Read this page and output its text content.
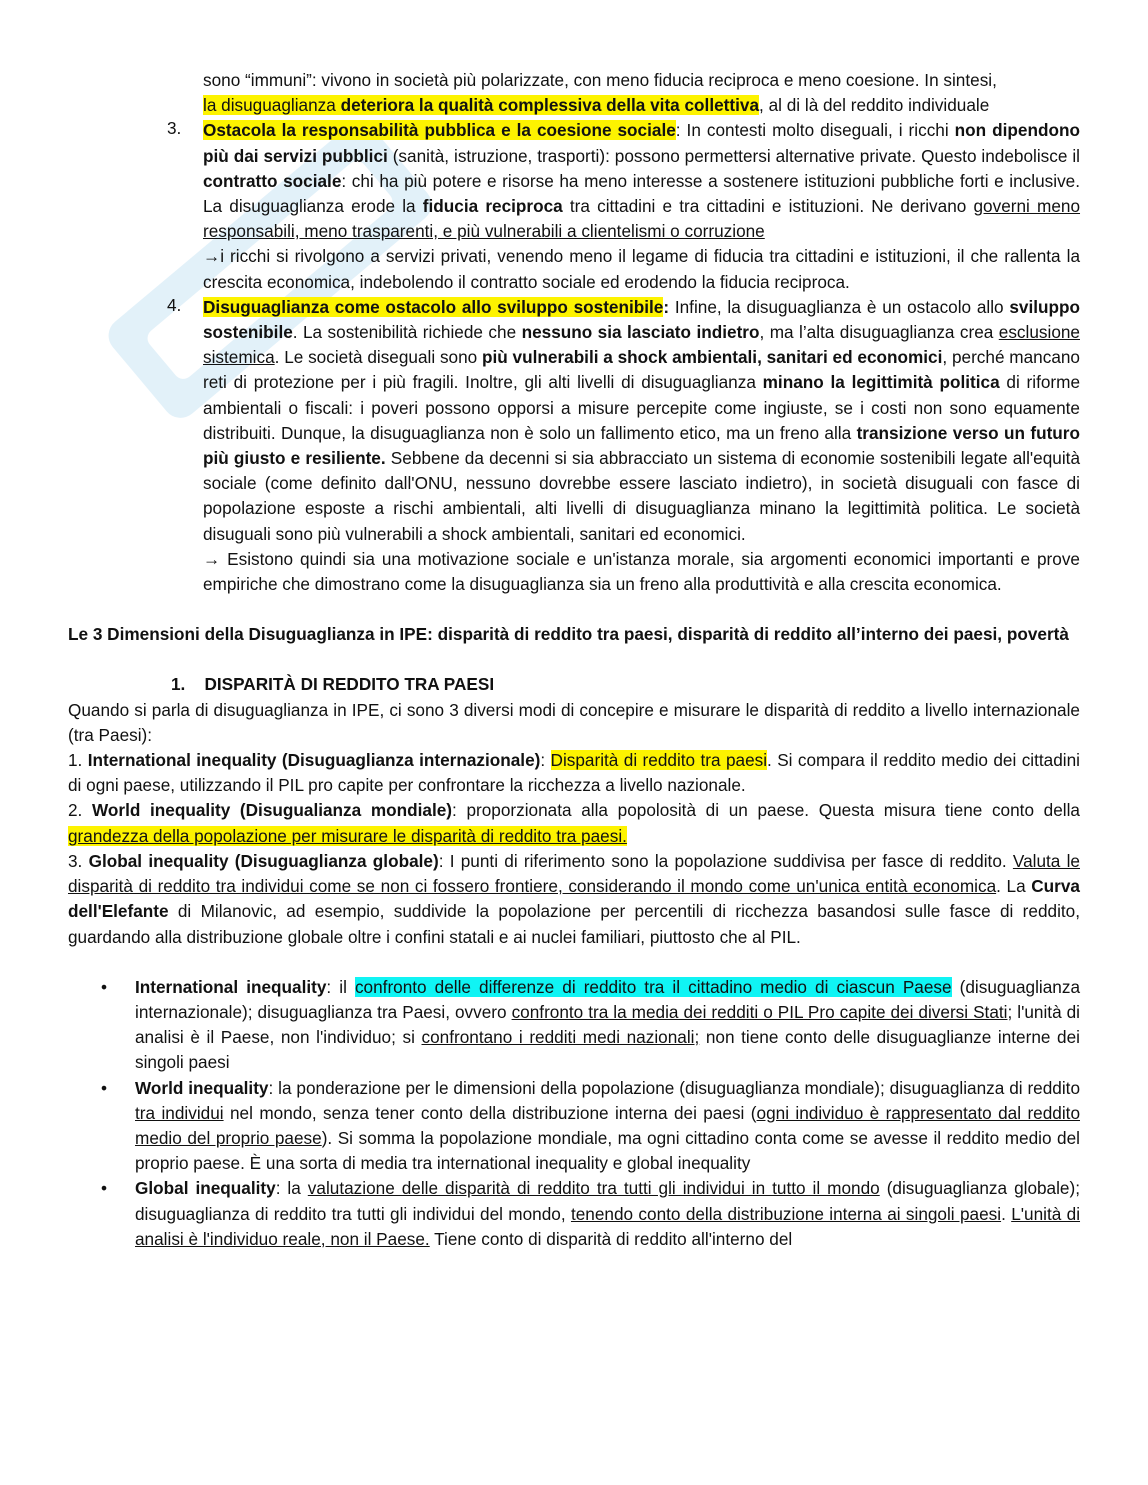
sono “immuni”: vivono in società più polarizzate, con meno fiducia reciproca e meno coesione. In sintesi,
la disuguaglianza deteriora la qualità complessiva della vita collettiva, al di là del reddito individuale

3. Ostacola la responsabilità pubblica e la coesione sociale: In contesti molto diseguali, i ricchi non dipendono più dai servizi pubblici (sanità, istruzione, trasporti): possono permettersi alternative private. Questo indebolisce il contratto sociale: chi ha più potere e risorse ha meno interesse a sostenere istituzioni pubbliche forti e inclusive. La disuguaglianza erode la fiducia reciproca tra cittadini e tra cittadini e istituzioni. Ne derivano governi meno responsabili, meno trasparenti, e più vulnerabili a clientelismi o corruzione

→i ricchi si rivolgono a servizi privati, venendo meno il legame di fiducia tra cittadini e istituzioni, il che rallenta la crescita economica, indebolendo il contratto sociale ed erodendo la fiducia reciproca.

4. Disuguaglianza come ostacolo allo sviluppo sostenibile: Infine, la disuguaglianza è un ostacolo allo sviluppo sostenibile. La sostenibilità richiede che nessuno sia lasciato indietro, ma l’alta disuguaglianza crea esclusione sistemica. Le società diseguali sono più vulnerabili a shock ambientali, sanitari ed economici, perché mancano reti di protezione per i più fragili. Inoltre, gli alti livelli di disuguaglianza minano la legittimità politica di riforme ambientali o fiscali: i poveri possono opporsi a misure percepite come ingiuste, se i costi non sono equamente distribuiti. Dunque, la disuguaglianza non è solo un fallimento etico, ma un freno alla transizione verso un futuro più giusto e resiliente. Sebbene da decenni si sia abbracciato un sistema di economie sostenibili legate all'equità sociale (come definito dall'ONU, nessuno dovrebbe essere lasciato indietro), in società disuguali con fasce di popolazione esposte a rischi ambientali, alti livelli di disuguaglianza minano la legittimità politica. Le società disuguali sono più vulnerabili a shock ambientali, sanitari ed economici.

→ Esistono quindi sia una motivazione sociale e un'istanza morale, sia argomenti economici importanti e prove empiriche che dimostrano come la disuguaglianza sia un freno alla produttività e alla crescita economica.

Le 3 Dimensioni della Disuguaglianza in IPE: disparità di reddito tra paesi, disparità di reddito all’interno dei paesi, povertà

1. DISPARITÀ DI REDDITO TRA PAESI

Quando si parla di disuguaglianza in IPE, ci sono 3 diversi modi di concepire e misurare le disparità di reddito a livello internazionale (tra Paesi):

1. International inequality (Disuguaglianza internazionale): Disparità di reddito tra paesi. Si compara il reddito medio dei cittadini di ogni paese, utilizzando il PIL pro capite per confrontare la ricchezza a livello nazionale.

2. World inequality (Disugualianza mondiale): proporzionata alla popolosità di un paese. Questa misura tiene conto della grandezza della popolazione per misurare le disparità di reddito tra paesi.

3. Global inequality (Disuguaglianza globale): I punti di riferimento sono la popolazione suddivisa per fasce di reddito. Valuta le disparità di reddito tra individui come se non ci fossero frontiere, considerando il mondo come un'unica entità economica. La Curva dell'Elefante di Milanovic, ad esempio, suddivide la popolazione per percentili di ricchezza basandosi sulle fasce di reddito, guardando alla distribuzione globale oltre i confini statali e ai nuclei familiari, piuttosto che al PIL.

• International inequality: il confronto delle differenze di reddito tra il cittadino medio di ciascun Paese (disuguaglianza internazionale); disuguaglianza tra Paesi, ovvero confronto tra la media dei redditi o PIL Pro capite dei diversi Stati; l'unità di analisi è il Paese, non l'individuo; si confrontano i redditi medi nazionali; non tiene conto delle disuguaglianze interne dei singoli paesi
• World inequality: la ponderazione per le dimensioni della popolazione (disuguaglianza mondiale); disuguaglianza di reddito tra individui nel mondo, senza tener conto della distribuzione interna dei paesi (ogni individuo è rappresentato dal reddito medio del proprio paese). Si somma la popolazione mondiale, ma ogni cittadino conta come se avesse il reddito medio del proprio paese. È una sorta di media tra international inequality e global inequality
• Global inequality: la valutazione delle disparità di reddito tra tutti gli individui in tutto il mondo (disuguaglianza globale); disuguaglianza di reddito tra tutti gli individui del mondo, tenendo conto della distribuzione interna ai singoli paesi. L'unità di analisi è l'individuo reale, non il Paese. Tiene conto di disparità di reddito all'interno del
